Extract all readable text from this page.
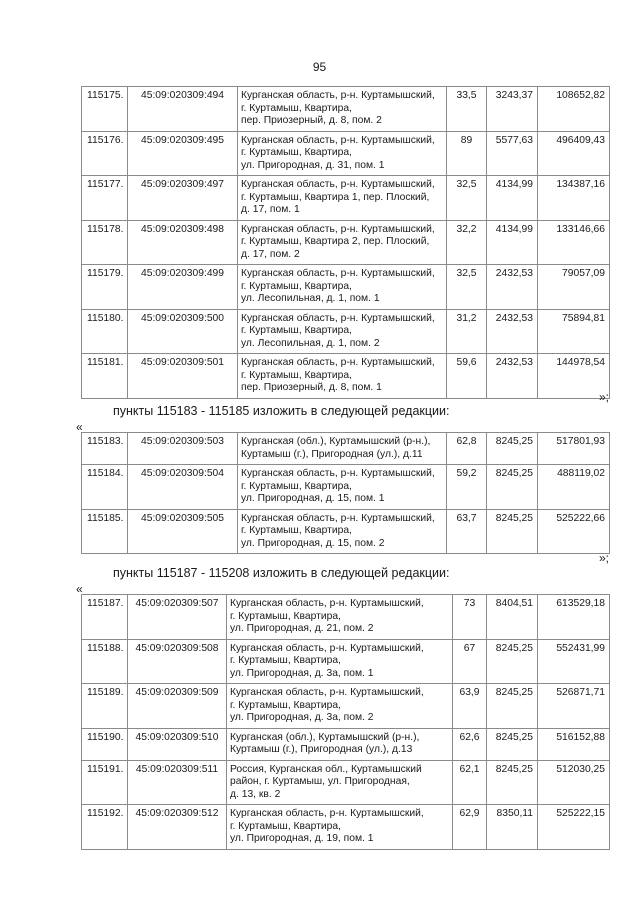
95
115175.	45:09:020309:494	Курганская область, р-н. Куртамышский,
г. Куртамыш, Квартира,
пер. Приозерный, д. 8, пом. 2	33,5	3243,37	108652,82
115176.	45:09:020309:495	Курганская область, р-н. Куртамышский,
г. Куртамыш, Квартира,
ул. Пригородная, д. 31, пом. 1	89	5577,63	496409,43
115177.	45:09:020309:497	Курганская область, р-н. Куртамышский,
г. Куртамыш, Квартира 1, пер. Плоский,
д. 17, пом. 1	32,5	4134,99	134387,16
115178.	45:09:020309:498	Курганская область, р-н. Куртамышский,
г. Куртамыш, Квартира 2, пер. Плоский,
д. 17, пом. 2	32,2	4134,99	133146,66
115179.	45:09:020309:499	Курганская область, р-н. Куртамышский,
г. Куртамыш, Квартира,
ул. Лесопильная, д. 1, пом. 1	32,5	2432,53	79057,09
115180.	45:09:020309:500	Курганская область, р-н. Куртамышский,
г. Куртамыш, Квартира,
ул. Лесопильная, д. 1, пом. 2	31,2	2432,53	75894,81
115181.	45:09:020309:501	Курганская область, р-н. Куртамышский,
г. Куртамыш, Квартира,
пер. Приозерный, д. 8, пом. 1	59,6	2432,53	144978,54
»;
пункты 115183 - 115185 изложить в следующей редакции:
«
115183.	45:09:020309:503	Курганская (обл.), Куртамышский (р-н.),
Куртамыш (г.), Пригородная (ул.), д.11	62,8	8245,25	517801,93
115184.	45:09:020309:504	Курганская область, р-н. Куртамышский,
г. Куртамыш, Квартира,
ул. Пригородная, д. 15, пом. 1	59,2	8245,25	488119,02
115185.	45:09:020309:505	Курганская область, р-н. Куртамышский,
г. Куртамыш, Квартира,
ул. Пригородная, д. 15, пом. 2	63,7	8245,25	525222,66
»;
пункты 115187 - 115208 изложить в следующей редакции:
«
115187.	45:09:020309:507	Курганская область, р-н. Куртамышский,
г. Куртамыш, Квартира,
ул. Пригородная, д. 21, пом. 2	73	8404,51	613529,18
115188.	45:09:020309:508	Курганская область, р-н. Куртамышский,
г. Куртамыш, Квартира,
ул. Пригородная, д. 3а, пом. 1	67	8245,25	552431,99
115189.	45:09:020309:509	Курганская область, р-н. Куртамышский,
г. Куртамыш, Квартира,
ул. Пригородная, д. 3а, пом. 2	63,9	8245,25	526871,71
115190.	45:09:020309:510	Курганская (обл.), Куртамышский (р-н.),
Куртамыш (г.), Пригородная (ул.), д.13	62,6	8245,25	516152,88
115191.	45:09:020309:511	Россия, Курганская обл., Куртамышский
район, г. Куртамыш, ул. Пригородная,
д. 13, кв. 2	62,1	8245,25	512030,25
115192.	45:09:020309:512	Курганская область, р-н. Куртамышский,
г. Куртамыш, Квартира,
ул. Пригородная, д. 19, пом. 1	62,9	8350,11	525222,15
